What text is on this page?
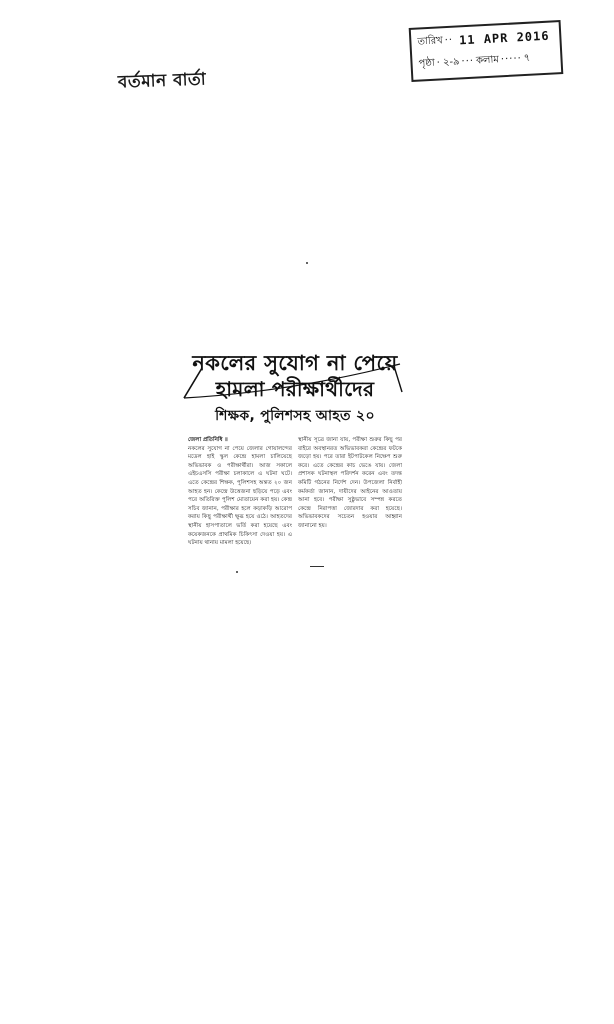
বর্তমান বার্তা
তারিখ ·· 11 APR 2016
পৃষ্ঠা · ২-৯ ··· কলাম ····· ৭
নকলের সুযোগ না পেয়ে
হামলা পরীক্ষার্থীদের
শিক্ষক, পুলিশসহ আহত ২০

জেলা প্রতিনিধি ॥

নকলের সুযোগ না পেয়ে জেলার গোয়ালন্দের মডেল হাই স্কুল কেন্দ্রে হামলা চালিয়েছে অভিভাবক ও পরীক্ষার্থীরা। আজ সকালে এইচএসসি পরীক্ষা চলাকালে এ ঘটনা ঘটে। এতে কেন্দ্রের শিক্ষক, পুলিশসহ অন্তত ২০ জন আহত হন। কেন্দ্রে উত্তেজনা ছড়িয়ে পড়ে এবং পরে অতিরিক্ত পুলিশ মোতায়েন করা হয়। কেন্দ্র সচিব জানান, পরীক্ষার হলে কড়াকড়ি আরোপ করায় কিছু পরীক্ষার্থী ক্ষুব্ধ হয়ে ওঠে। আহতদের স্থানীয় হাসপাতালে ভর্তি করা হয়েছে এবং কয়েকজনকে প্রাথমিক চিকিৎসা দেওয়া হয়। এ ঘটনায় থানায় মামলা হয়েছে।

স্থানীয় সূত্রে জানা যায়, পরীক্ষা শুরুর কিছু পর বাইরে অবস্থানরত অভিভাবকরা কেন্দ্রের ফটকে জড়ো হয়। পরে তারা ইটপাটকেল নিক্ষেপ শুরু করে। এতে কেন্দ্রের কাচ ভেঙে যায়। জেলা প্রশাসক ঘটনাস্থল পরিদর্শন করেন এবং তদন্ত কমিটি গঠনের নির্দেশ দেন। উপজেলা নির্বাহী কর্মকর্তা জানান, দায়ীদের আইনের আওতায় আনা হবে। পরীক্ষা সুষ্ঠুভাবে সম্পন্ন করতে কেন্দ্রে নিরাপত্তা জোরদার করা হয়েছে। অভিভাবকদের সচেতন হওয়ার আহ্বান জানানো হয়।
